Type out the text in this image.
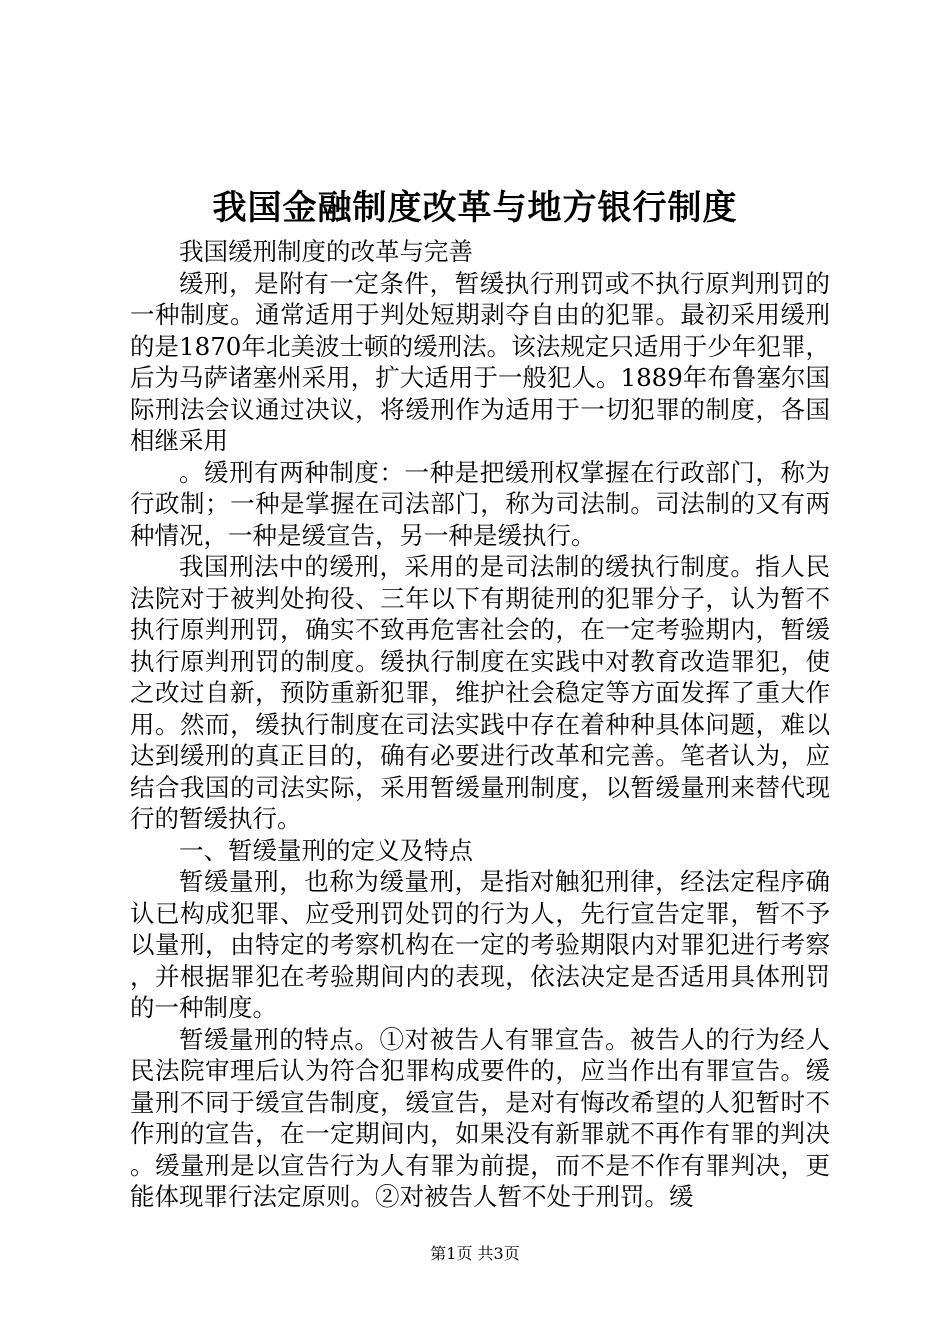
我国金融制度改革与地方银行制度

我国缓刑制度的改革与完善

缓刑，是附有一定条件，暂缓执行刑罚或不执行原判刑罚的一种制度。通常适用于判处短期剥夺自由的犯罪。最初采用缓刑的是1870年北美波士顿的缓刑法。该法规定只适用于少年犯罪，后为马萨诸塞州采用，扩大适用于一般犯人。1889年布鲁塞尔国际刑法会议通过决议，将缓刑作为适用于一切犯罪的制度，各国相继采用

。缓刑有两种制度：一种是把缓刑权掌握在行政部门，称为行政制；一种是掌握在司法部门，称为司法制。司法制的又有两种情况，一种是缓宣告，另一种是缓执行。

我国刑法中的缓刑，采用的是司法制的缓执行制度。指人民法院对于被判处拘役、三年以下有期徒刑的犯罪分子，认为暂不执行原判刑罚，确实不致再危害社会的，在一定考验期内，暂缓执行原判刑罚的制度。缓执行制度在实践中对教育改造罪犯，使之改过自新，预防重新犯罪，维护社会稳定等方面发挥了重大作用。然而，缓执行制度在司法实践中存在着种种具体问题，难以达到缓刑的真正目的，确有必要进行改革和完善。笔者认为，应结合我国的司法实际，采用暂缓量刑制度，以暂缓量刑来替代现行的暂缓执行。

一、暂缓量刑的定义及特点

暂缓量刑，也称为缓量刑，是指对触犯刑律，经法定程序确认已构成犯罪、应受刑罚处罚的行为人，先行宣告定罪，暂不予以量刑，由特定的考察机构在一定的考验期限内对罪犯进行考察，并根据罪犯在考验期间内的表现，依法决定是否适用具体刑罚的一种制度。

暂缓量刑的特点。①对被告人有罪宣告。被告人的行为经人民法院审理后认为符合犯罪构成要件的，应当作出有罪宣告。缓量刑不同于缓宣告制度，缓宣告，是对有悔改希望的人犯暂时不作刑的宣告，在一定期间内，如果没有新罪就不再作有罪的判决。缓量刑是以宣告行为人有罪为前提，而不是不作有罪判决，更能体现罪行法定原则。②对被告人暂不处于刑罚。缓

第1页 共3页
